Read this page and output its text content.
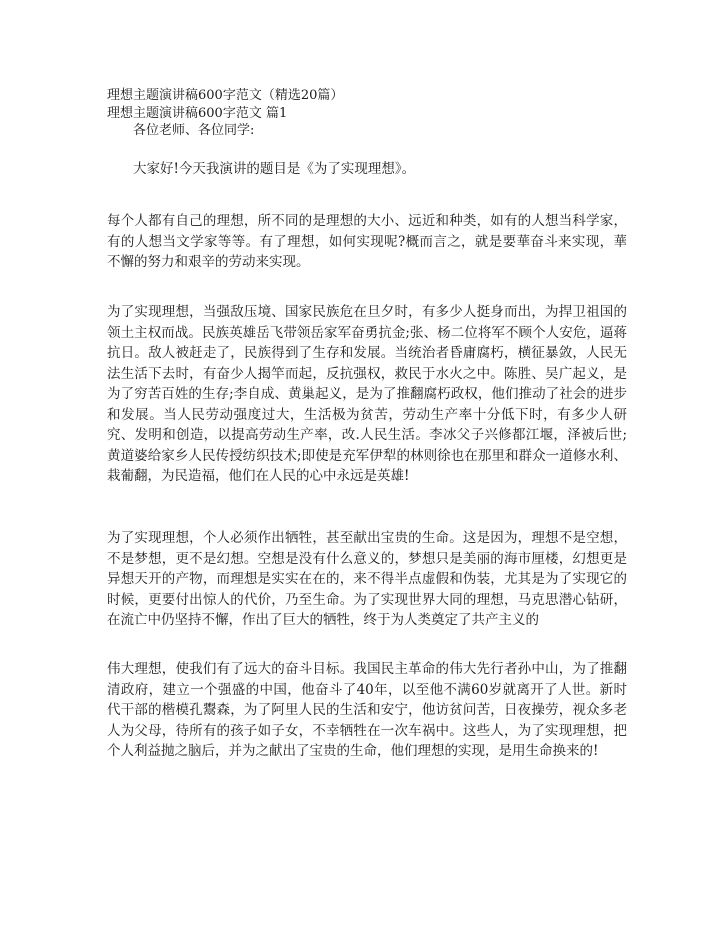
理想主题演讲稿600字范文（精选20篇）
理想主题演讲稿600字范文 篇1
各位老师、各位同学:
大家好!今天我演讲的题目是《为了实现理想》。
每个人都有自己的理想，所不同的是理想的大小、远近和种类，如有的人想当科学家，有的人想当文学家等等。有了理想，如何实现呢?概而言之，就是要華奋斗来实现，華不懈的努力和艰辛的劳动来实现。
为了实现理想，当强敌压境、国家民族危在旦夕时，有多少人挺身而出，为捍卫祖国的领土主权而战。民族英雄岳飞带领岳家军奋勇抗金;张、杨二位将军不顾个人安危，逼蒋抗日。敌人被赶走了，民族得到了生存和发展。当统治者昏庸腐朽，横征暴敛，人民无法生活下去时，有奋少人揭竿而起，反抗强权，救民于水火之中。陈胜、吴广起义，是为了穷苦百姓的生存;李自成、黄巢起义，是为了推翻腐朽政权，他们推动了社会的进步和发展。当人民劳动强度过大，生活极为贫苦，劳动生产率十分低下时，有多少人研究、发明和创造，以提高劳动生产率，改.人民生活。李冰父子兴修都江堰，泽被后世;黄道婆给家乡人民传授纺织技术;即使是充军伊犁的林则徐也在那里和群众一道修水利、栽葡翻，为民造福，他们在人民的心中永远是英雄!
为了实现理想，个人必须作出牺牲，甚至献出宝贵的生命。这是因为，理想不是空想，不是梦想，更不是幻想。空想是没有什么意义的，梦想只是美丽的海市厘楼，幻想更是异想天开的产物，而理想是实实在在的，来不得半点虚假和伪装，尤其是为了实现它的时候，更要付出惊人的代价，乃至生命。为了实现世界大同的理想，马克思潜心钻研，在流亡中仍坚持不懈，作出了巨大的牺牲，终于为人类奠定了共产主义的
伟大理想，使我们有了远大的奋斗目标。我国民主革命的伟大先行者孙中山，为了推翻清政府，建立一个强盛的中国，他奋斗了40年，以至他不满60岁就离开了人世。新时代干部的楷模孔鬻森，为了阿里人民的生活和安宁，他访贫问苦，日夜操劳，视众多老人为父母，待所有的孩子如子女，不幸牺牲在一次车祸中。这些人，为了实现理想，把个人利益抛之脑后，并为之献出了宝贵的生命，他们理想的实现，是用生命换来的!
